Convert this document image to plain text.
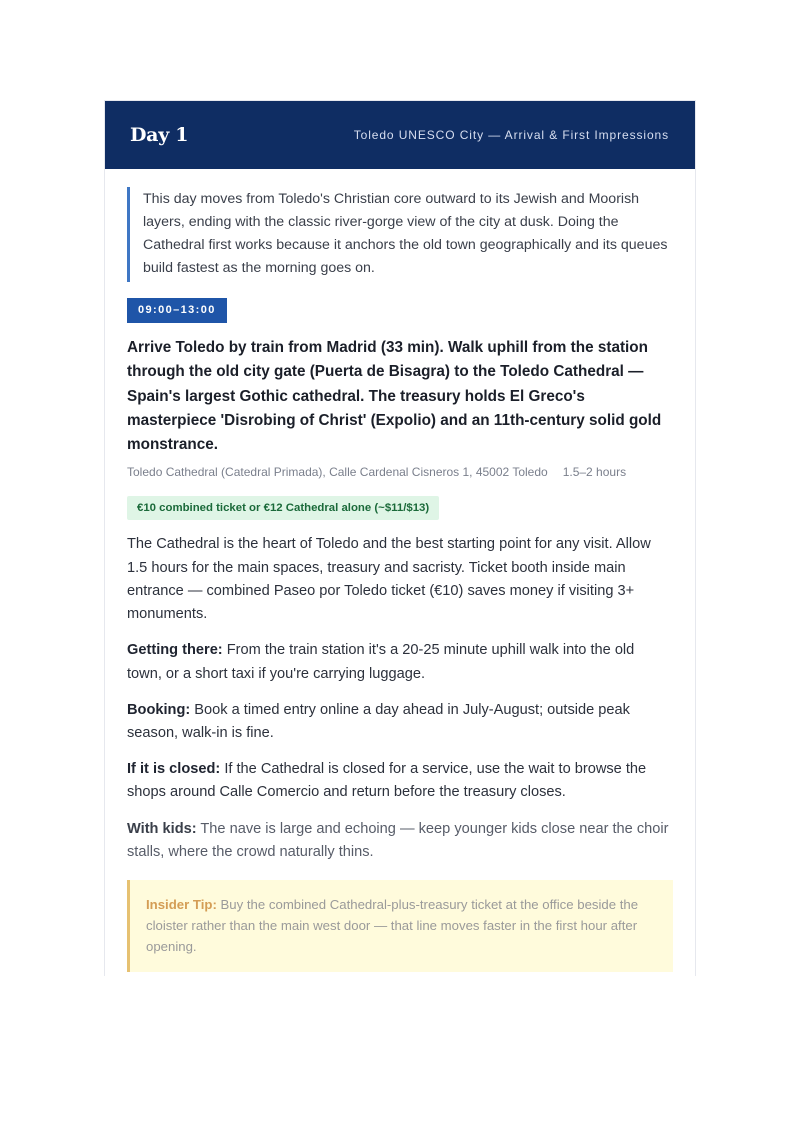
Day 1	Toledo UNESCO City — Arrival & First Impressions
This day moves from Toledo's Christian core outward to its Jewish and Moorish layers, ending with the classic river-gorge view of the city at dusk. Doing the Cathedral first works because it anchors the old town geographically and its queues build fastest as the morning goes on.
09:00–13:00
Arrive Toledo by train from Madrid (33 min). Walk uphill from the station through the old city gate (Puerta de Bisagra) to the Toledo Cathedral — Spain's largest Gothic cathedral. The treasury holds El Greco's masterpiece 'Disrobing of Christ' (Expolio) and an 11th-century solid gold monstrance.
Toledo Cathedral (Catedral Primada), Calle Cardenal Cisneros 1, 45002 Toledo 1.5–2 hours
€10 combined ticket or €12 Cathedral alone (~$11/$13)
The Cathedral is the heart of Toledo and the best starting point for any visit. Allow 1.5 hours for the main spaces, treasury and sacristy. Ticket booth inside main entrance — combined Paseo por Toledo ticket (€10) saves money if visiting 3+ monuments.
Getting there: From the train station it's a 20-25 minute uphill walk into the old town, or a short taxi if you're carrying luggage.
Booking: Book a timed entry online a day ahead in July-August; outside peak season, walk-in is fine.
If it is closed: If the Cathedral is closed for a service, use the wait to browse the shops around Calle Comercio and return before the treasury closes.
With kids: The nave is large and echoing — keep younger kids close near the choir stalls, where the crowd naturally thins.
Insider Tip: Buy the combined Cathedral-plus-treasury ticket at the office beside the cloister rather than the main west door — that line moves faster in the first hour after opening.
